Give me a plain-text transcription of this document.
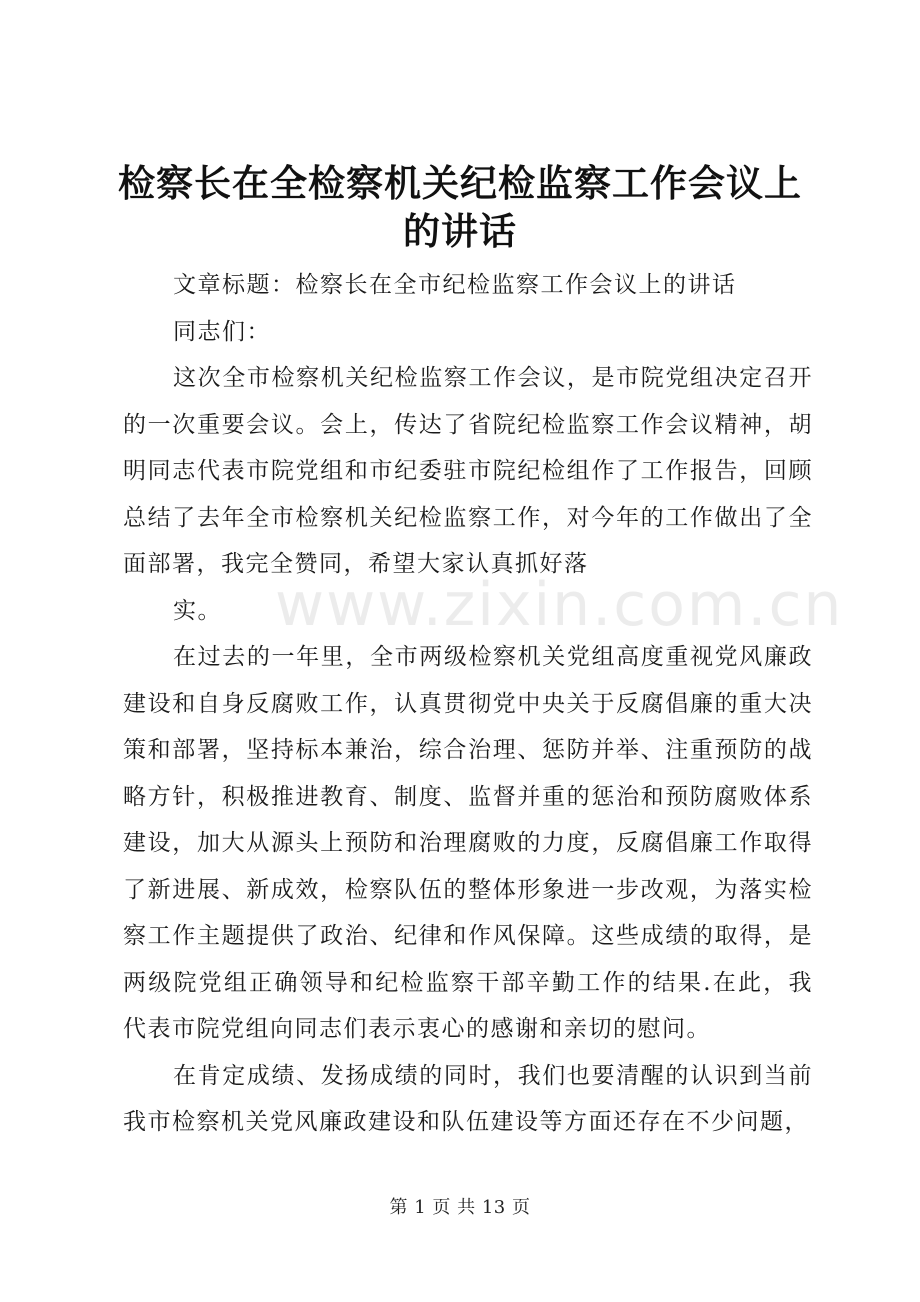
检察长在全检察机关纪检监察工作会议上的讲话

文章标题：检察长在全市纪检监察工作会议上的讲话

同志们：

这次全市检察机关纪检监察工作会议，是市院党组决定召开的一次重要会议。会上，传达了省院纪检监察工作会议精神，胡明同志代表市院党组和市纪委驻市院纪检组作了工作报告，回顾总结了去年全市检察机关纪检监察工作，对今年的工作做出了全面部署，我完全赞同，希望大家认真抓好落

实。

在过去的一年里，全市两级检察机关党组高度重视党风廉政建设和自身反腐败工作，认真贯彻党中央关于反腐倡廉的重大决策和部署，坚持标本兼治，综合治理、惩防并举、注重预防的战略方针，积极推进教育、制度、监督并重的惩治和预防腐败体系建设，加大从源头上预防和治理腐败的力度，反腐倡廉工作取得了新进展、新成效，检察队伍的整体形象进一步改观，为落实检察工作主题提供了政治、纪律和作风保障。这些成绩的取得，是两级院党组正确领导和纪检监察干部辛勤工作的结果.在此，我代表市院党组向同志们表示衷心的感谢和亲切的慰问。

在肯定成绩、发扬成绩的同时，我们也要清醒的认识到当前我市检察机关党风廉政建设和队伍建设等方面还存在不少问题，

www.zixin.com.cn
第 1 页 共 13 页
